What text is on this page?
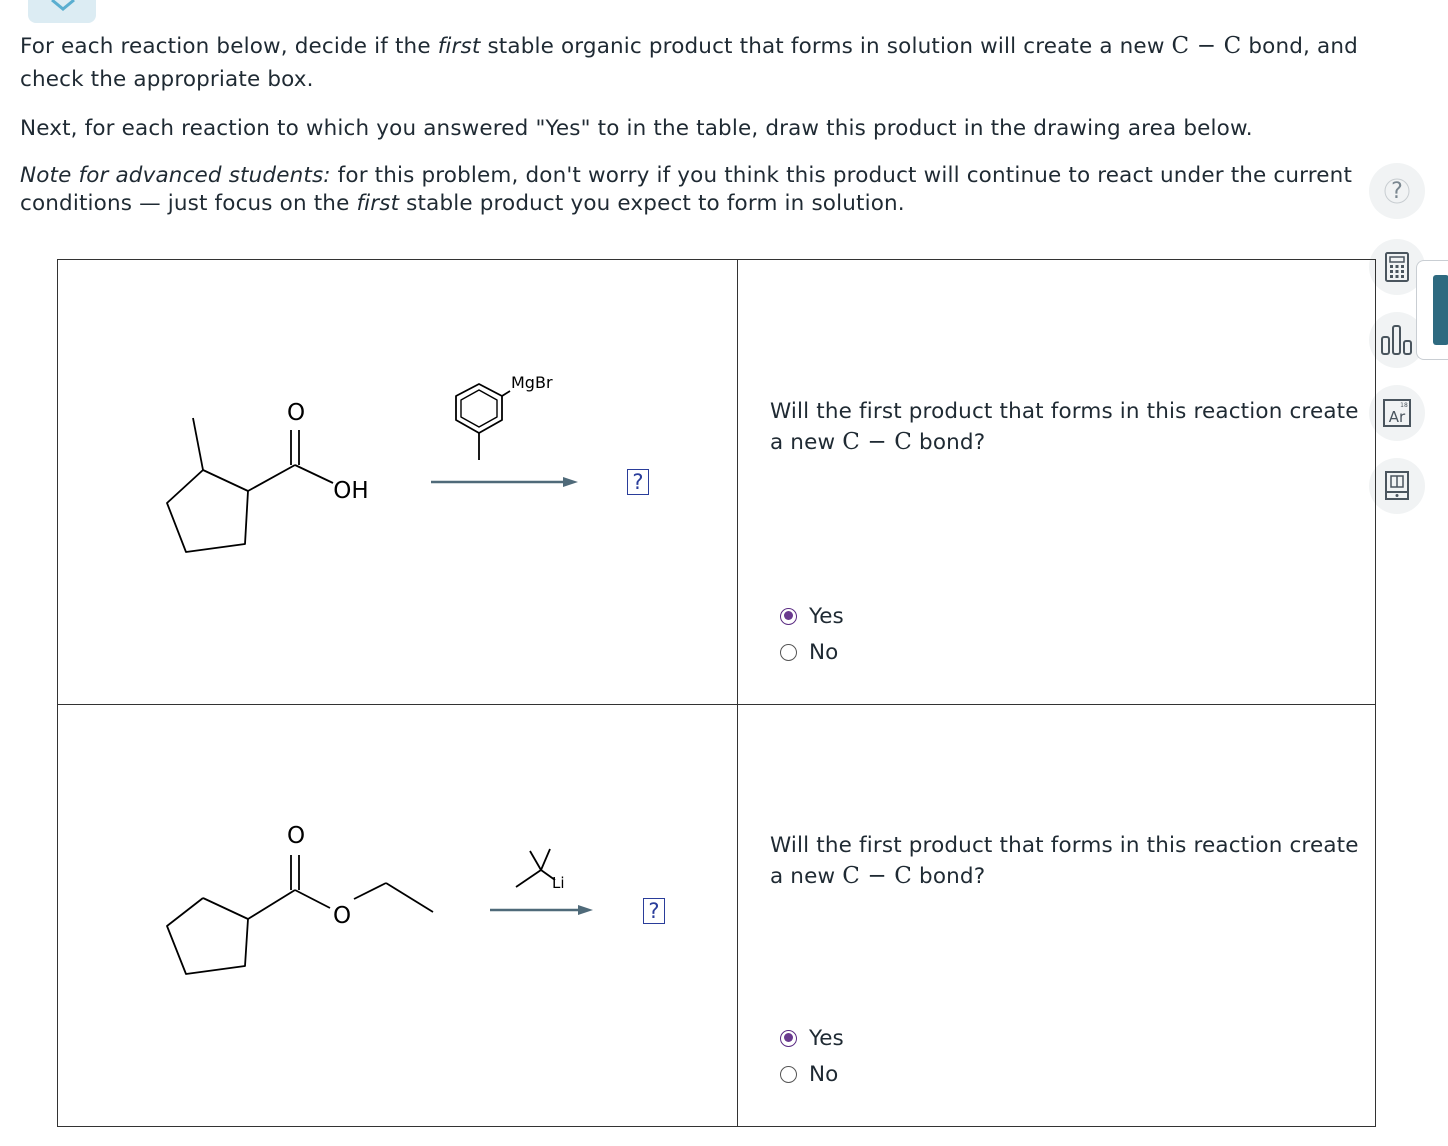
For each reaction below, decide if the first stable organic product that forms in solution will create a new C − C bond, and check the appropriate box.

Next, for each reaction to which you answered "Yes" to in the table, draw this product in the drawing area below.

Note for advanced students: for this problem, don't worry if you think this product will continue to react under the current conditions — just focus on the first stable product you expect to form in solution.	?
18
Ar
O
OH
MgBr
?
Will the first product that forms in this reaction create a new C − C bond?
Yes
No
O
O
Li
?
Will the first product that forms in this reaction create a new C − C bond?
Yes
No
